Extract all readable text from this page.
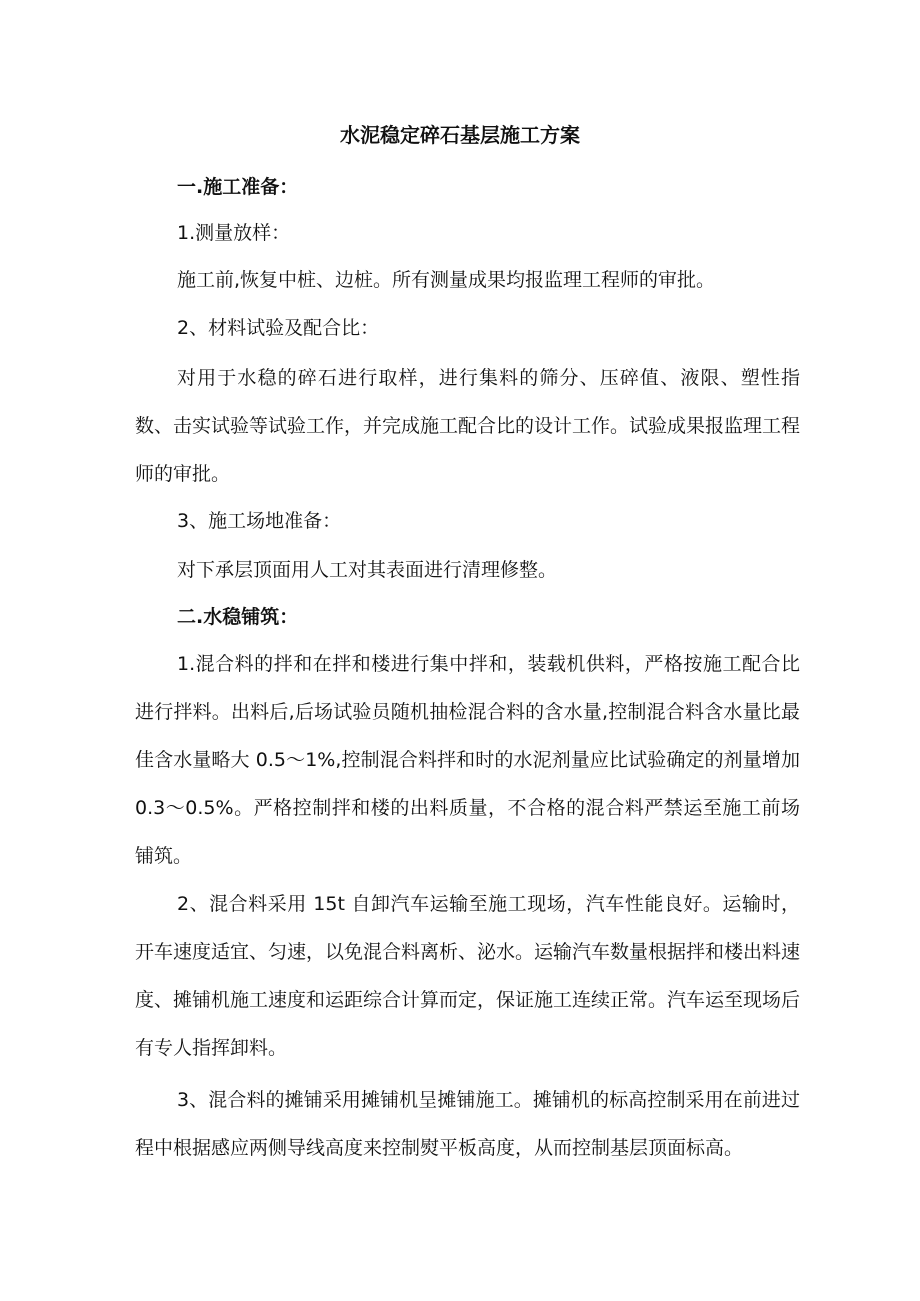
水泥稳定碎石基层施工方案
一.施工准备：
1.测量放样：
施工前,恢复中桩、边桩。所有测量成果均报监理工程师的审批。
2、材料试验及配合比：

对用于水稳的碎石进行取样，进行集料的筛分、压碎值、液限、塑性指数、击实试验等试验工作，并完成施工配合比的设计工作。试验成果报监理工程师的审批。

3、施工场地准备：
对下承层顶面用人工对其表面进行清理修整。
二.水稳铺筑：

1.混合料的拌和在拌和楼进行集中拌和，装载机供料，严格按施工配合比进行拌料。出料后,后场试验员随机抽检混合料的含水量,控制混合料含水量比最佳含水量略大 0.5～1%,控制混合料拌和时的水泥剂量应比试验确定的剂量增加 0.3～0.5%。严格控制拌和楼的出料质量，不合格的混合料严禁运至施工前场铺筑。

2、混合料采用 15t 自卸汽车运输至施工现场，汽车性能良好。运输时，开车速度适宜、匀速，以免混合料离析、泌水。运输汽车数量根据拌和楼出料速度、摊铺机施工速度和运距综合计算而定，保证施工连续正常。汽车运至现场后有专人指挥卸料。

3、混合料的摊铺采用摊铺机呈摊铺施工。摊铺机的标高控制采用在前进过程中根据感应两侧导线高度来控制熨平板高度，从而控制基层顶面标高。
